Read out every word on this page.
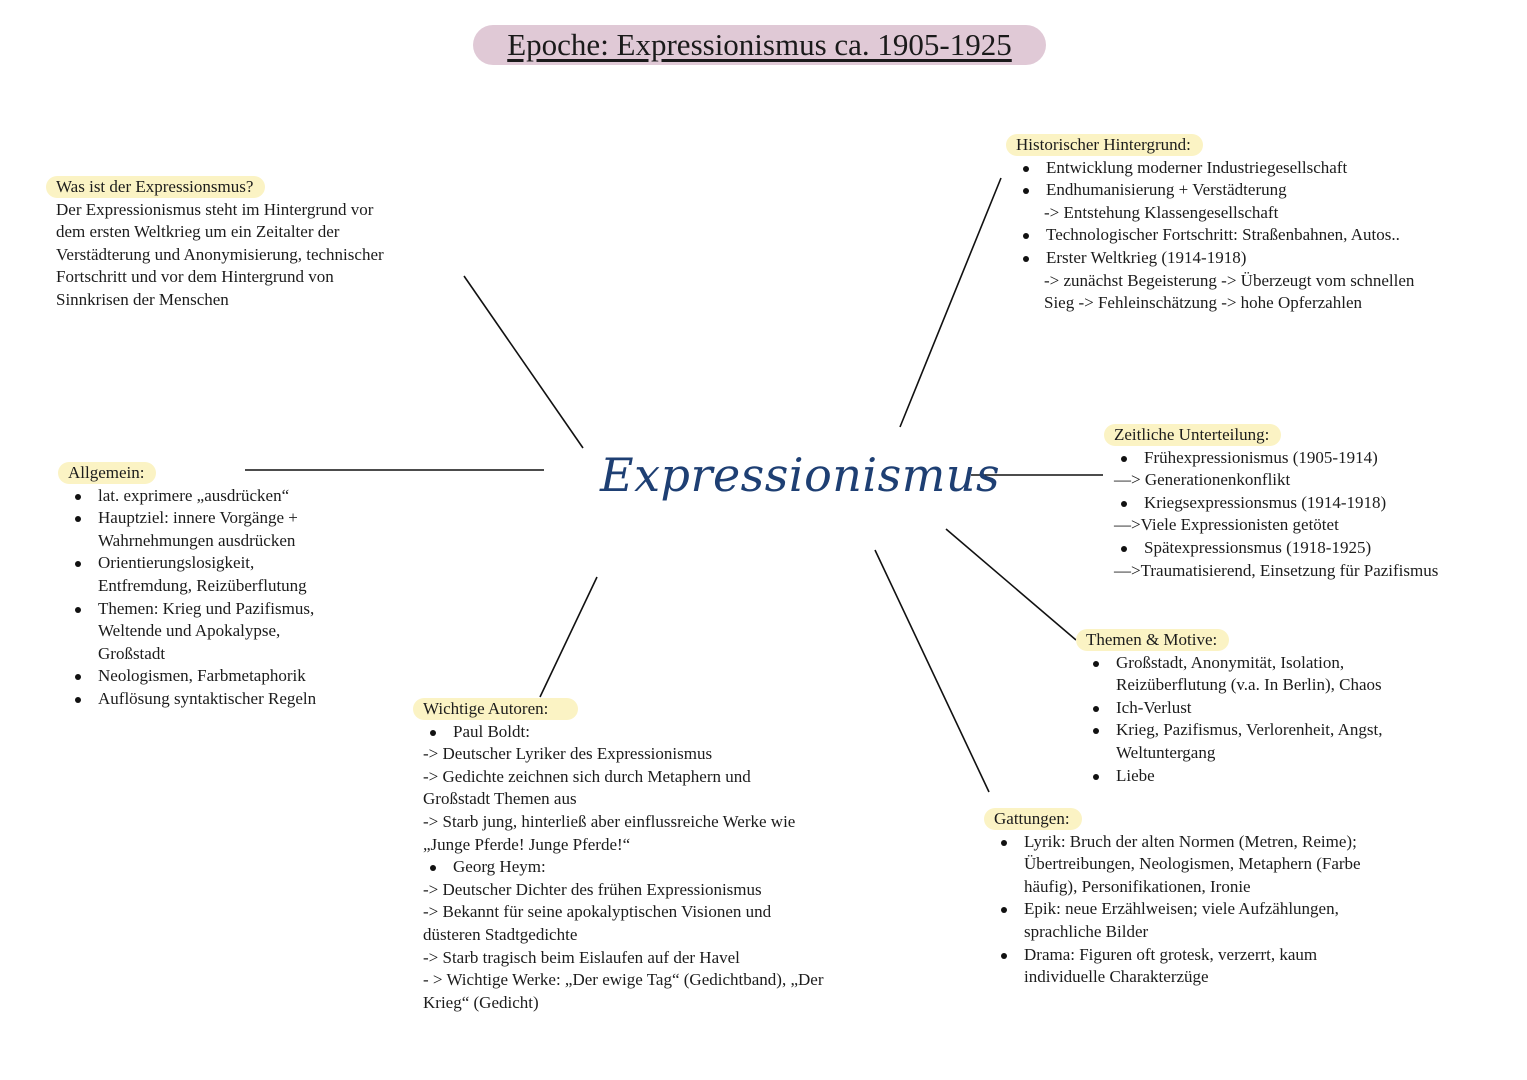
Epoche: Expressionismus ca. 1905-1925
Expressionismus
Was ist der Expressionsmus?
Der Expressionismus steht im Hintergrund vor
dem ersten Weltkrieg um ein Zeitalter der
Verstädterung und Anonymisierung, technischer
Fortschritt und vor dem Hintergrund von
Sinnkrisen der Menschen
Allgemein:
lat. exprimere „ausdrücken“
Hauptziel: innere Vorgänge +
Wahrnehmungen ausdrücken
Orientierungslosigkeit,
Entfremdung, Reizüberflutung
Themen: Krieg und Pazifismus,
Weltende und Apokalypse,
Großstadt
Neologismen, Farbmetaphorik
Auflösung syntaktischer Regeln
Wichtige Autoren:
Paul Boldt:
-> Deutscher Lyriker des Expressionismus
-> Gedichte zeichnen sich durch Metaphern und
Großstadt Themen aus
-> Starb jung, hinterließ aber einflussreiche Werke wie
„Junge Pferde! Junge Pferde!“
Georg Heym:
-> Deutscher Dichter des frühen Expressionismus
-> Bekannt für seine apokalyptischen Visionen und
düsteren Stadtgedichte
-> Starb tragisch beim Eislaufen auf der Havel
- > Wichtige Werke: „Der ewige Tag“ (Gedichtband), „Der
Krieg“ (Gedicht)
Historischer Hintergrund:
Entwicklung moderner Industriegesellschaft
Endhumanisierung + Verstädterung
-> Entstehung Klassengesellschaft
Technologischer Fortschritt: Straßenbahnen, Autos..
Erster Weltkrieg (1914-1918)
-> zunächst Begeisterung -> Überzeugt vom schnellen
Sieg -> Fehleinschätzung -> hohe Opferzahlen
Zeitliche Unterteilung:
Frühexpressionismus (1905-1914)
—> Generationenkonflikt
Kriegsexpressionsmus (1914-1918)
—>Viele Expressionisten getötet
Spätexpressionsmus (1918-1925)
—>Traumatisierend, Einsetzung für Pazifismus
Themen & Motive:
Großstadt, Anonymität, Isolation,
Reizüberflutung (v.a. In Berlin), Chaos
Ich-Verlust
Krieg, Pazifismus, Verlorenheit, Angst,
Weltuntergang
Liebe
Gattungen:
Lyrik: Bruch der alten Normen (Metren, Reime);
Übertreibungen, Neologismen, Metaphern (Farbe
häufig), Personifikationen, Ironie
Epik: neue Erzählweisen; viele Aufzählungen,
sprachliche Bilder
Drama: Figuren oft grotesk, verzerrt, kaum
individuelle Charakterzüge
